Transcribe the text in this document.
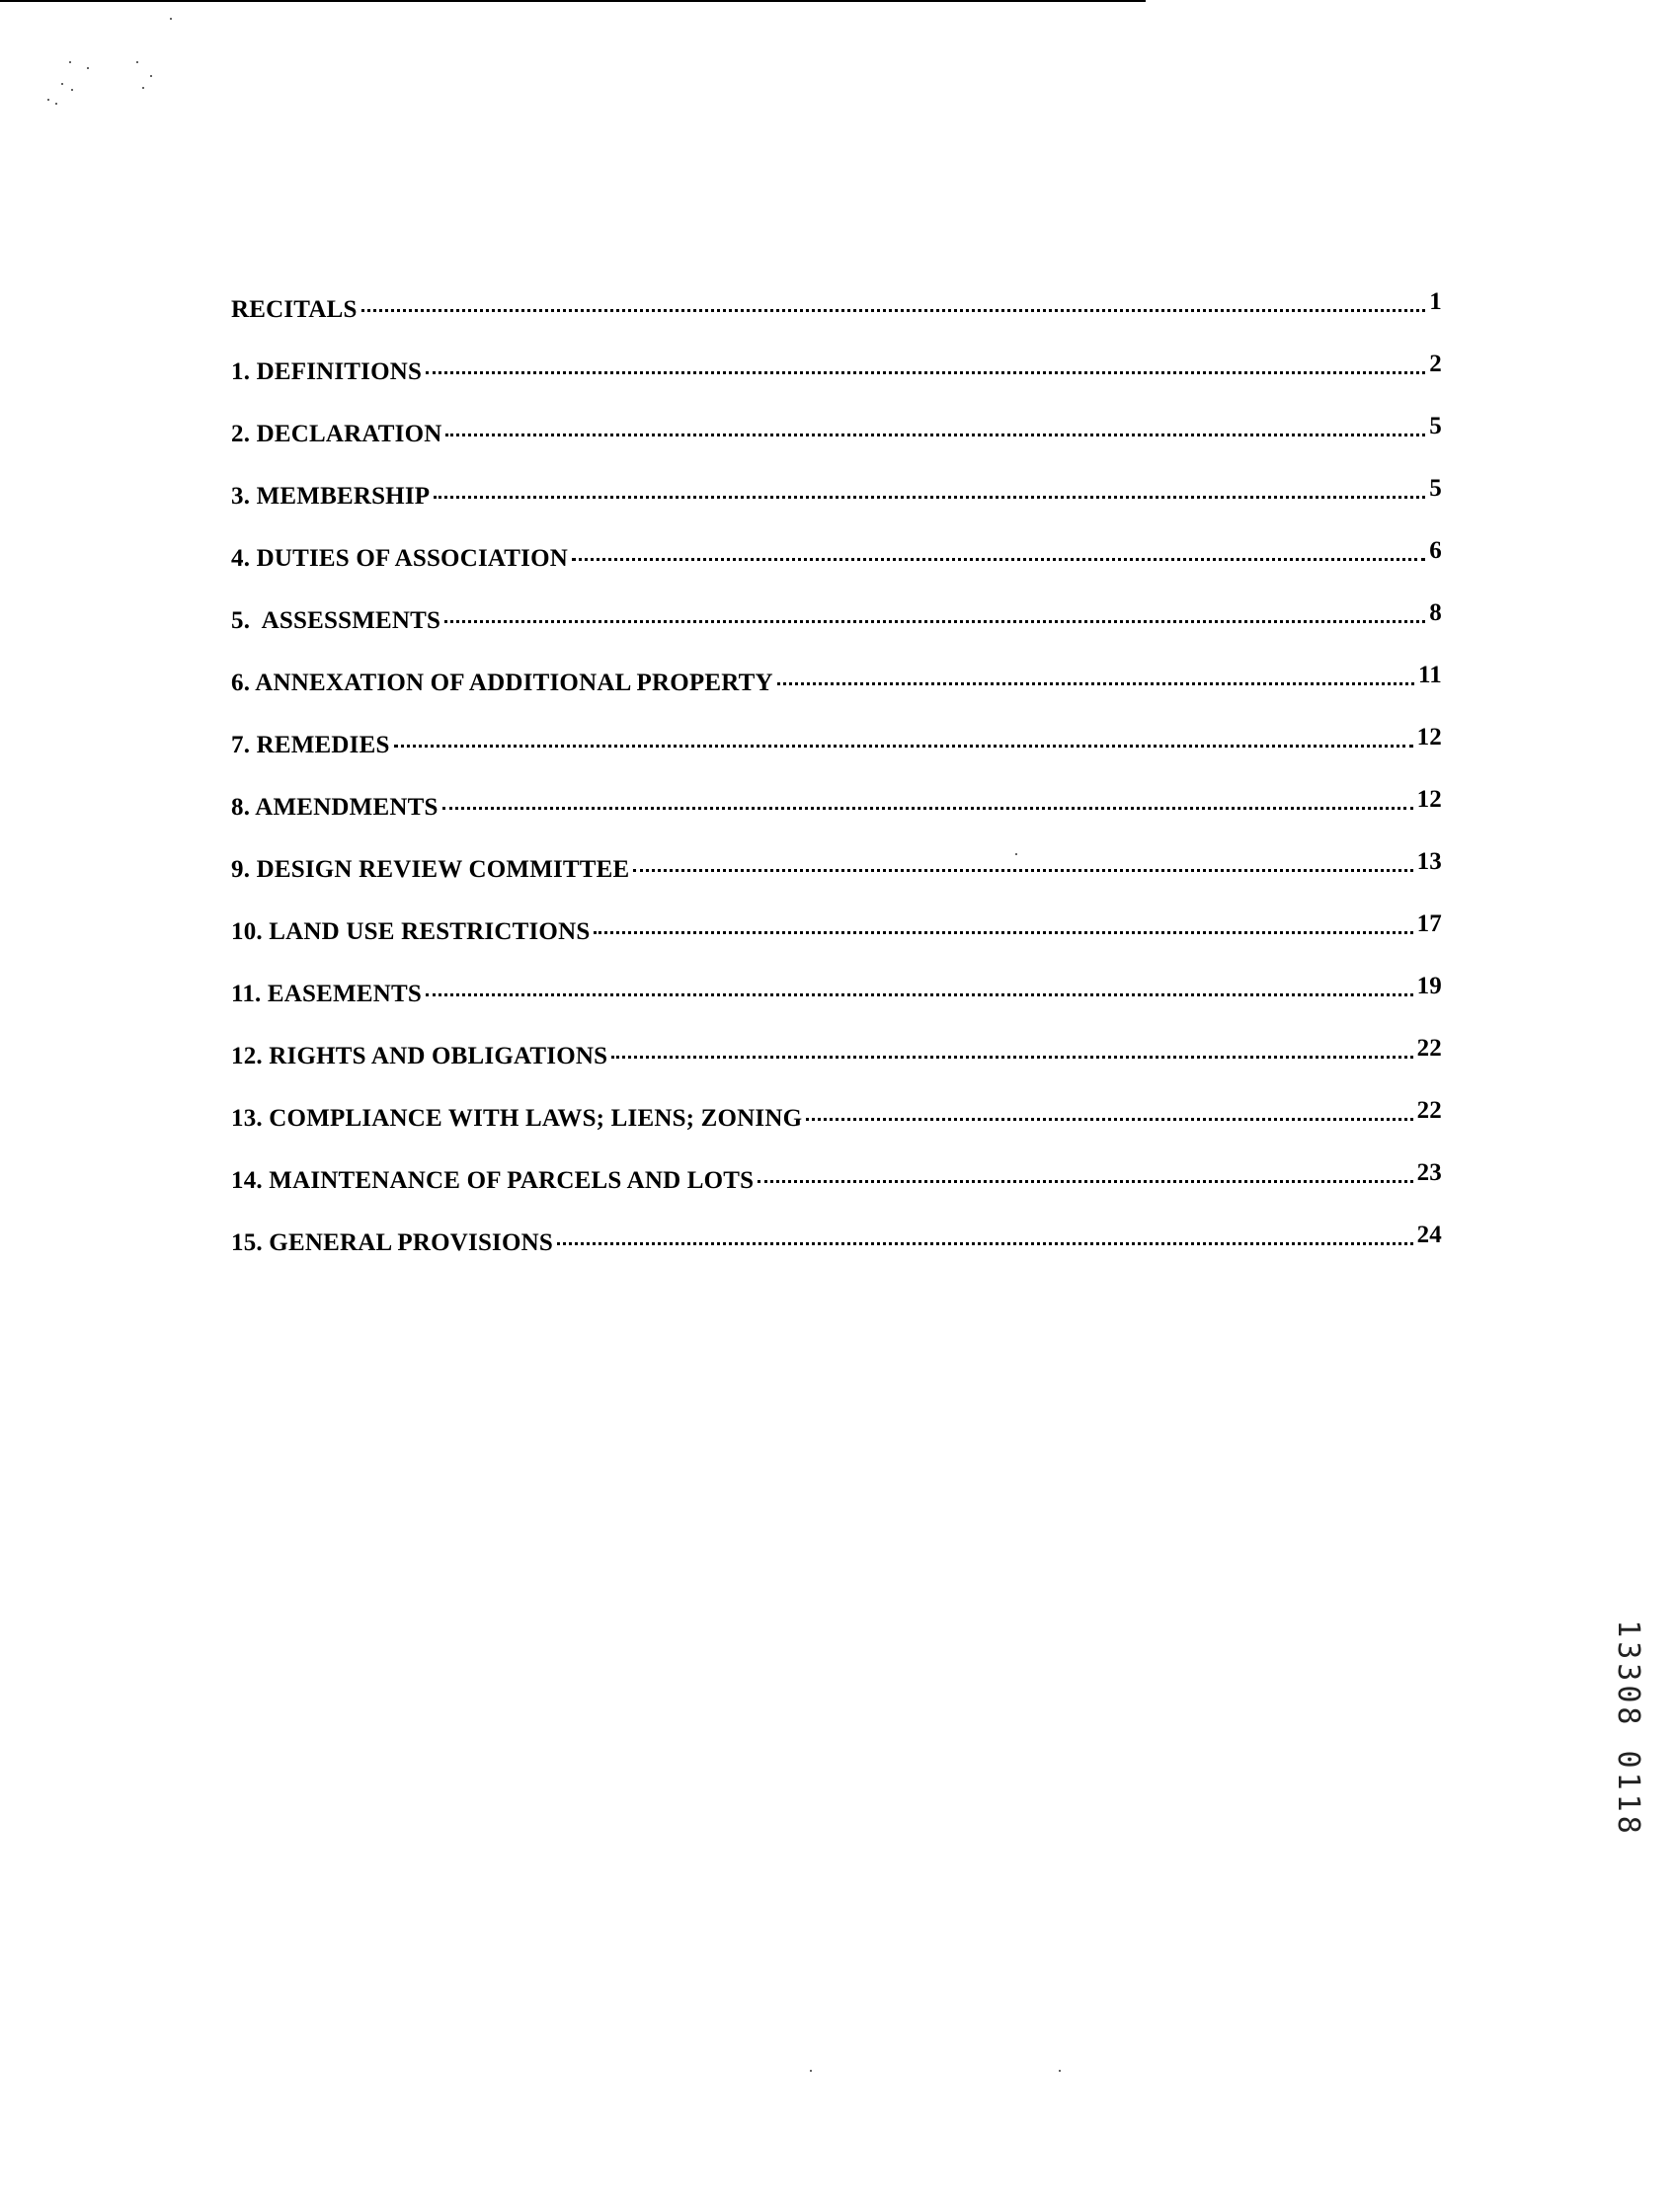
RECITALS	1
1. DEFINITIONS	2
2. DECLARATION	5
3. MEMBERSHIP	5
4. DUTIES OF ASSOCIATION	6
5.  ASSESSMENTS	8
6. ANNEXATION OF ADDITIONAL PROPERTY	11
7. REMEDIES	12
8. AMENDMENTS	12
9. DESIGN REVIEW COMMITTEE	13
10. LAND USE RESTRICTIONS	17
11. EASEMENTS	19
12. RIGHTS AND OBLIGATIONS	22
13. COMPLIANCE WITH LAWS; LIENS; ZONING	22
14. MAINTENANCE OF PARCELS AND LOTS	23
15. GENERAL PROVISIONS	24
13308 0118
